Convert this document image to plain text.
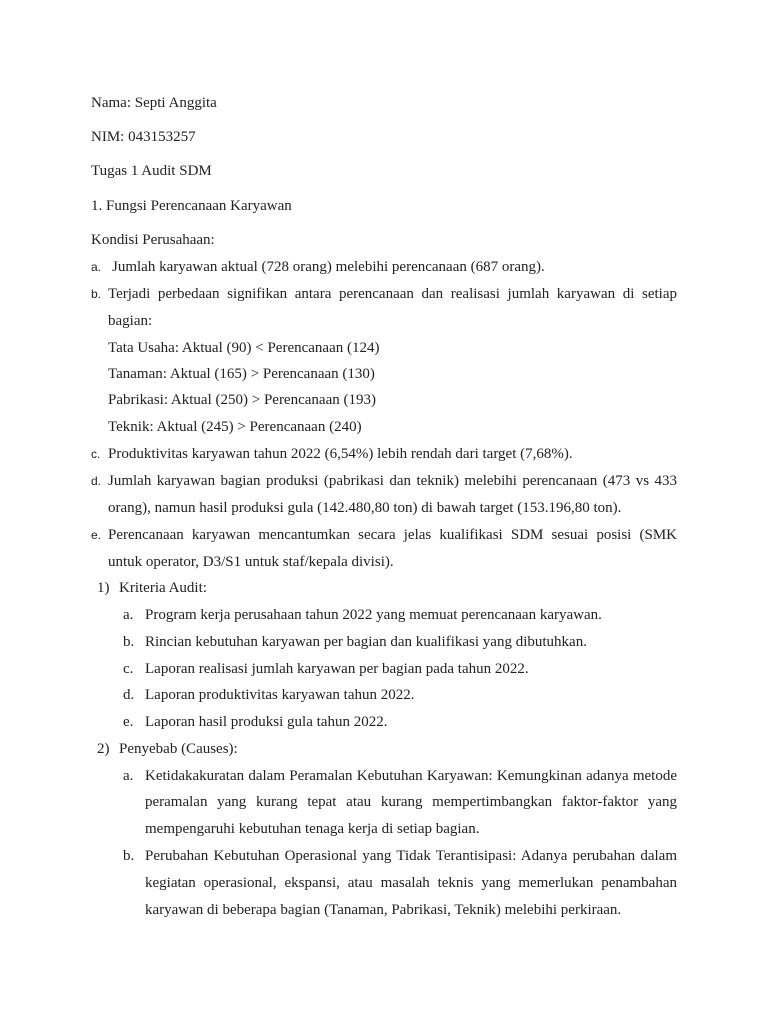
Nama: Septi Anggita
NIM: 043153257
Tugas 1 Audit SDM
1. Fungsi Perencanaan Karyawan
Kondisi Perusahaan:
a. Jumlah karyawan aktual (728 orang) melebihi perencanaan (687 orang).
b. Terjadi perbedaan signifikan antara perencanaan dan realisasi jumlah karyawan di setiap
bagian:
Tata Usaha: Aktual (90) < Perencanaan (124)
Tanaman: Aktual (165) > Perencanaan (130)
Pabrikasi: Aktual (250) > Perencanaan (193)
Teknik: Aktual (245) > Perencanaan (240)
c. Produktivitas karyawan tahun 2022 (6,54%) lebih rendah dari target (7,68%).
d. Jumlah karyawan bagian produksi (pabrikasi dan teknik) melebihi perencanaan (473 vs 433
orang), namun hasil produksi gula (142.480,80 ton) di bawah target (153.196,80 ton).
e. Perencanaan karyawan mencantumkan secara jelas kualifikasi SDM sesuai posisi (SMK
untuk operator, D3/S1 untuk staf/kepala divisi).
1) Kriteria Audit:
a. Program kerja perusahaan tahun 2022 yang memuat perencanaan karyawan.
b. Rincian kebutuhan karyawan per bagian dan kualifikasi yang dibutuhkan.
c. Laporan realisasi jumlah karyawan per bagian pada tahun 2022.
d. Laporan produktivitas karyawan tahun 2022.
e. Laporan hasil produksi gula tahun 2022.
2) Penyebab (Causes):
a. Ketidakakuratan dalam Peramalan Kebutuhan Karyawan: Kemungkinan adanya metode
peramalan yang kurang tepat atau kurang mempertimbangkan faktor-faktor yang
mempengaruhi kebutuhan tenaga kerja di setiap bagian.
b. Perubahan Kebutuhan Operasional yang Tidak Terantisipasi: Adanya perubahan dalam
kegiatan operasional, ekspansi, atau masalah teknis yang memerlukan penambahan
karyawan di beberapa bagian (Tanaman, Pabrikasi, Teknik) melebihi perkiraan.
